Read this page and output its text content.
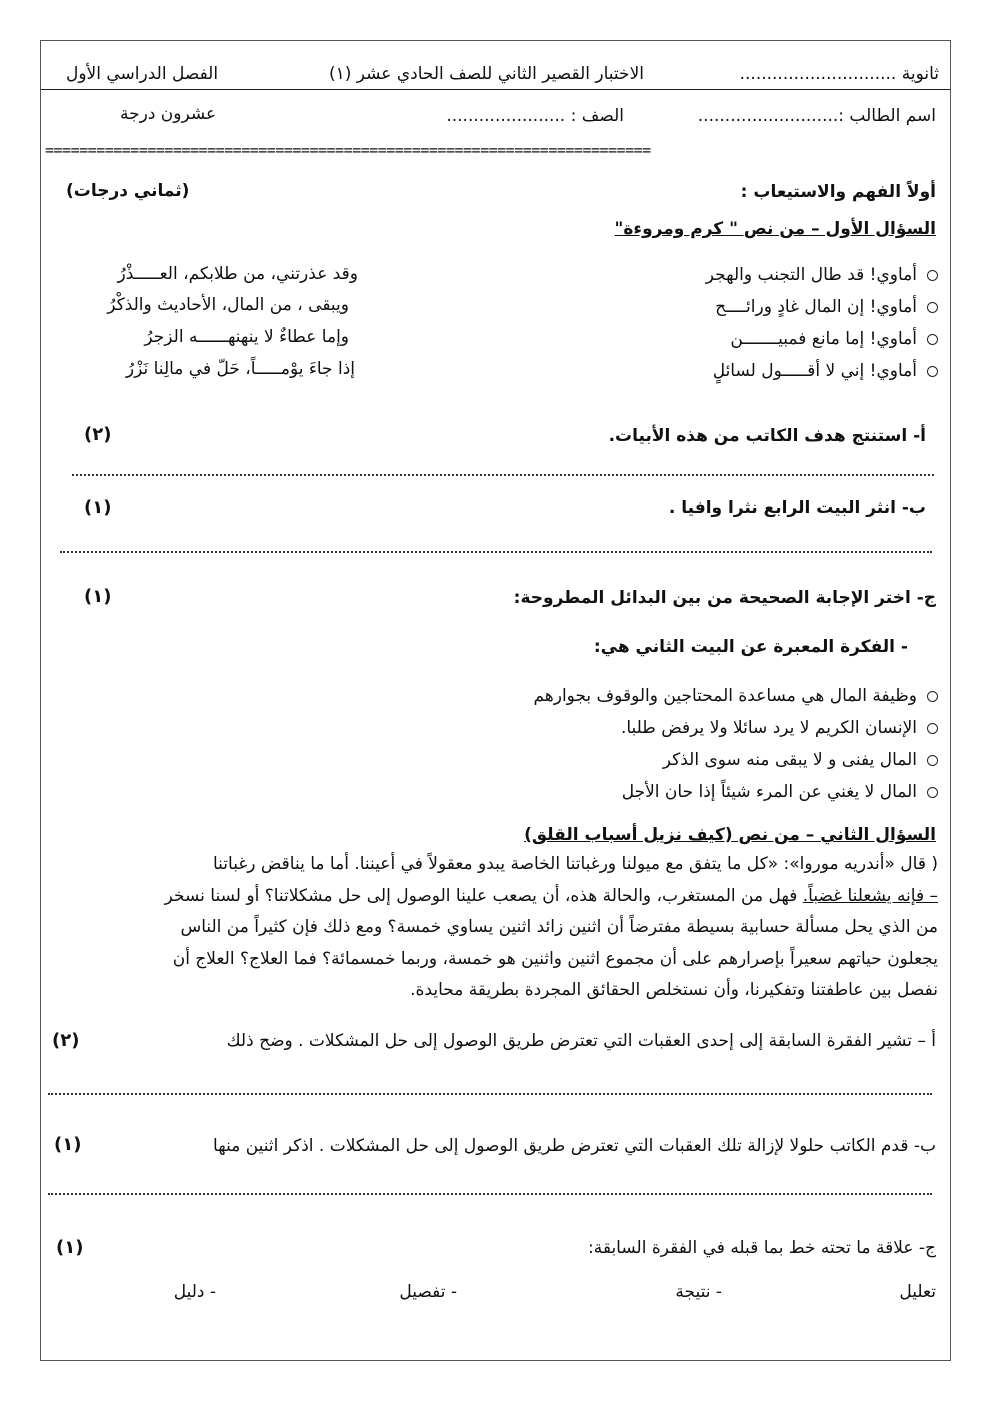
ثانوية .............................
الاختبار القصير الثاني للصف الحادي عشر (١)
الفصل الدراسي الأول
اسم الطالب :..........................
الصف : ......................
عشرون درجة
=======================================================================
أولاً الفهم والاستيعاب :
(ثماني درجات)
السؤال الأول – من نص " كرم ومروءة"
أماوي! قد طال التجنب والهجر
وقد عذرتني، من طلابكم، العـــــذْرُ
أماوي! إن المال غادٍ ورائــــح
ويبقى ، من المال، الأحاديث والذكْرُ
أماوي! إما مانع فمبيـــــــن
وإما عطاءٌ لا ينهنهــــــه الزجرُ
أماوي! إني لا أقـــــول لسائلٍ
إذا جاءَ يوْمـــــاً، حَلّ في مالِنا نَزْرُ
أ- استنتج هدف الكاتب من هذه الأبيات.
(٢)
ب- انثر البيت الرابع نثرا وافيا .
(١)
ج- اختر الإجابة الصحيحة من بين البدائل المطروحة:
(١)
- الفكرة المعبرة عن البيت الثاني هي:
وظيفة المال هي مساعدة المحتاجين والوقوف بجوارهم
الإنسان الكريم لا يرد سائلا ولا يرفض طلبا.
المال يفنى و لا يبقى منه سوى الذكر
المال لا يغني عن المرء شيئاً إذا حان الأجل
السؤال الثاني – من نص (كيف نزيل أسباب القلق)
( قال «أندريه موروا»: «كل ما يتفق مع ميولنا ورغباتنا الخاصة يبدو معقولاً في أعيننا. أما ما يناقض رغباتنا
– فإنه يشعلنا غضباً. فهل من المستغرب، والحالة هذه، أن يصعب علينا الوصول إلى حل مشكلاتنا؟ أو لسنا نسخر
من الذي يحل مسألة حسابية بسيطة مفترضاً أن اثنين زائد اثنين يساوي خمسة؟ ومع ذلك فإن كثيراً من الناس
يجعلون حياتهم سعيراً بإصرارهم على أن مجموع اثنين واثنين هو خمسة، وربما خمسمائة؟ فما العلاج؟ العلاج أن
نفصل بين عاطفتنا وتفكيرنا، وأن نستخلص الحقائق المجردة بطريقة محايدة.
أ – تشير الفقرة السابقة إلى إحدى العقبات التي تعترض طريق الوصول إلى حل المشكلات . وضح ذلك
(٢)
ب- قدم الكاتب حلولا لإزالة تلك العقبات التي تعترض طريق الوصول إلى حل المشكلات . اذكر اثنين منها
(١)
ج- علاقة ما تحته خط بما قبله في الفقرة السابقة:
(١)
تعليل
- نتيجة
- تفصيل
- دليل
